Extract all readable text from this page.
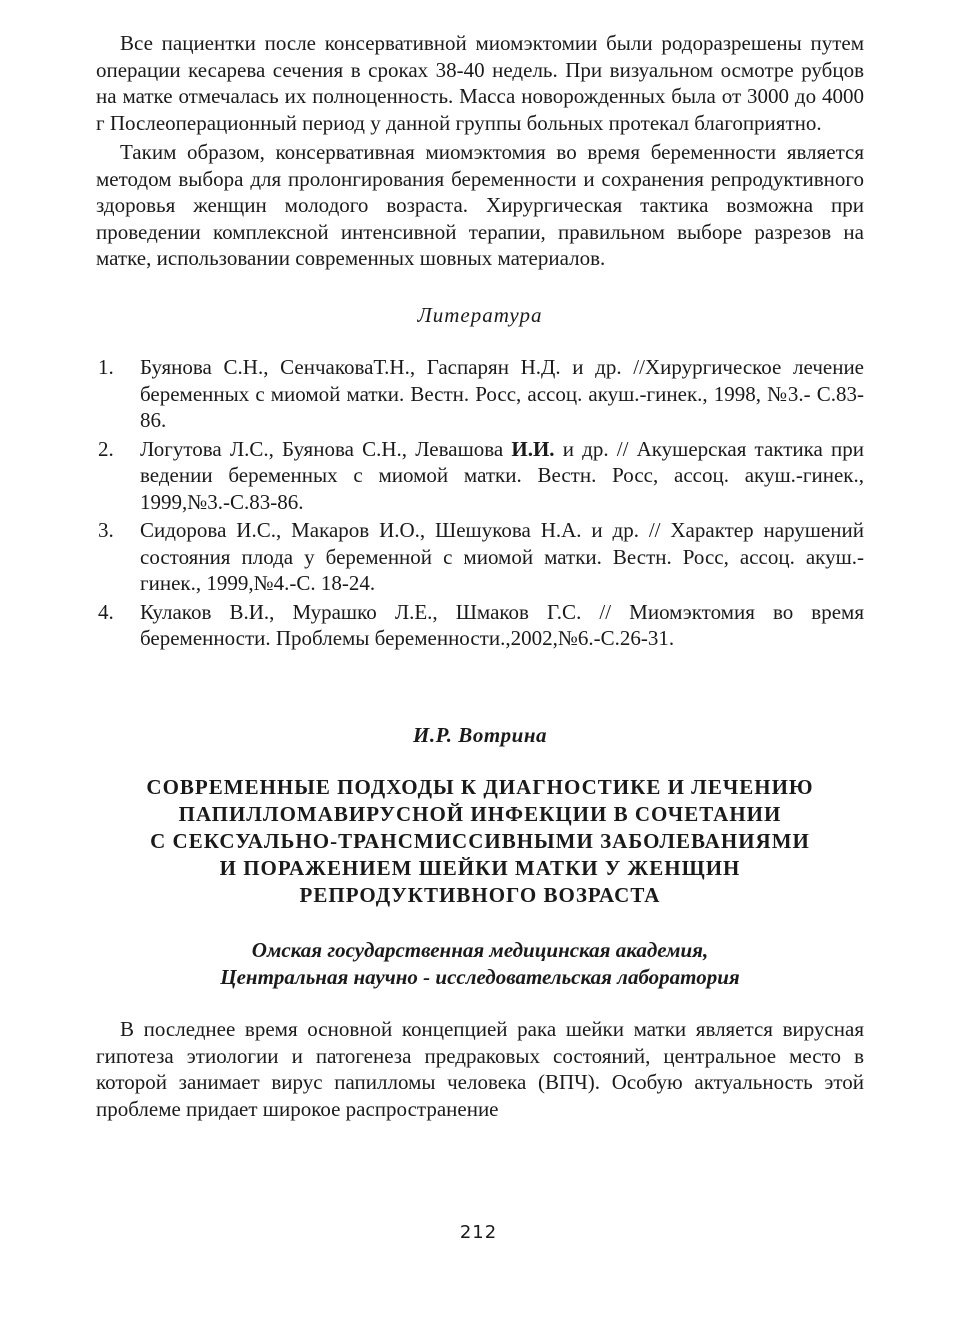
Все пациентки после консервативной миомэктомии были родоразрешены путем операции кесарева сечения в сроках 38-40 недель. При визуальном осмотре рубцов на матке отмечалась их полноценность. Масса новорожденных была от 3000 до 4000 г Послеоперационный период у данной группы больных протекал благоприятно.

Таким образом, консервативная миомэктомия во время беременности является методом выбора для пролонгирования беременности и сохранения репродуктивного здоровья женщин молодого возраста. Хирургическая тактика возможна при проведении комплексной интенсивной терапии, правильном выборе разрезов на матке, использовании современных шовных материалов.

Литература
1.	Буянова С.Н., СенчаковаТ.Н., Гаспарян Н.Д. и др. //Хирургическое лечение беременных с миомой матки. Вестн. Росс, ассоц. акуш.-гинек., 1998, №3.- С.83-86.
2.	Логутова Л.С., Буянова С.Н., Левашова И.И. и др. // Акушерская тактика при ведении беременных с миомой матки. Вестн. Росс, ассоц. акуш.-гинек., 1999,№3.-С.83-86.
3.	Сидорова И.С., Макаров И.О., Шешукова Н.А. и др. // Характер нарушений состояния плода у беременной с миомой матки. Вестн. Росс, ассоц. акуш.-гинек., 1999,№4.-С. 18-24.
4.	Кулаков В.И., Мурашко Л.Е., Шмаков Г.С. // Миомэктомия во время беременности. Проблемы беременности.,2002,№6.-С.26-31.
И.Р. Вотрина
СОВРЕМЕННЫЕ ПОДХОДЫ К ДИАГНОСТИКЕ И ЛЕЧЕНИЮ
ПАПИЛЛОМАВИРУСНОЙ ИНФЕКЦИИ В СОЧЕТАНИИ
С СЕКСУАЛЬНО-ТРАНСМИССИВНЫМИ ЗАБОЛЕВАНИЯМИ
И ПОРАЖЕНИЕМ ШЕЙКИ МАТКИ У ЖЕНЩИН
РЕПРОДУКТИВНОГО ВОЗРАСТА
Омская государственная медицинская академия,
Центральная научно - исследовательская лаборатория

В последнее время основной концепцией рака шейки матки является вирусная гипотеза этиологии и патогенеза предраковых состояний, центральное место в которой занимает вирус папилломы человека (ВПЧ). Особую актуальность этой проблеме придает широкое распространение

212
